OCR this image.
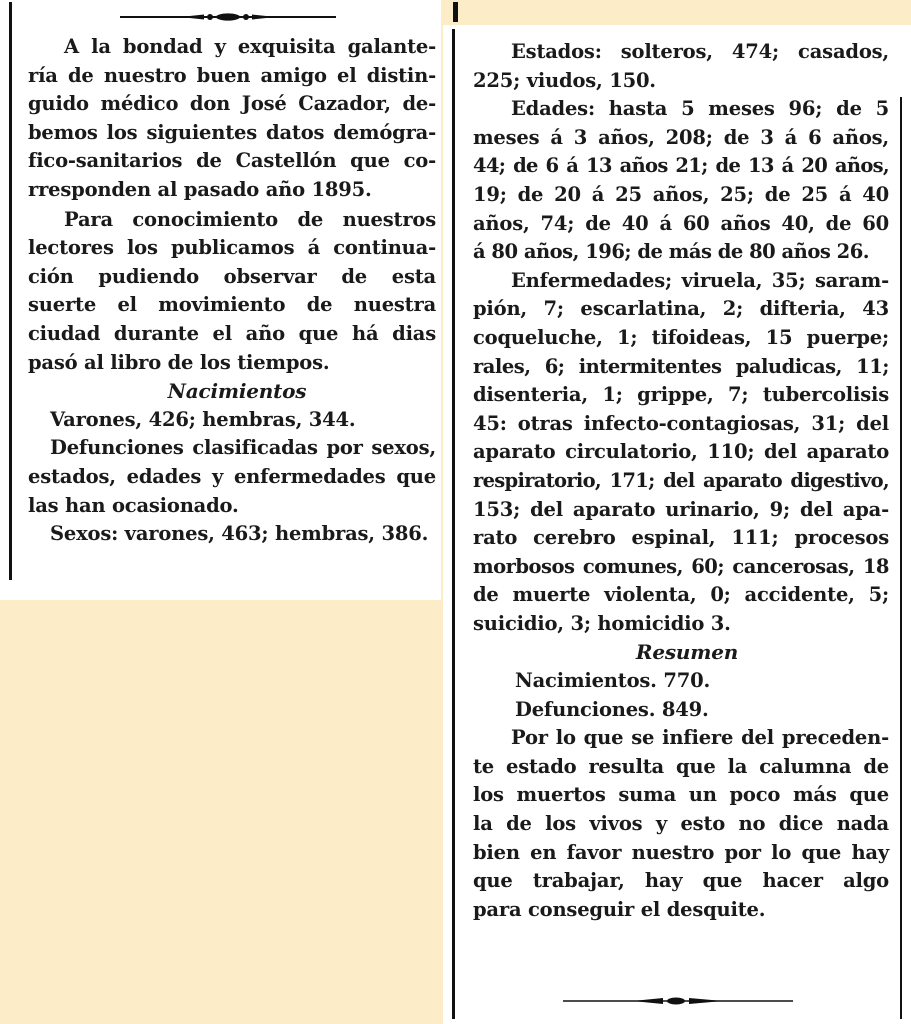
A la bondad y exquisita galante-
ría de nuestro buen amigo el distin-
guido médico don José Cazador, de-
bemos los siguientes datos demógra-
fico-sanitarios de Castellón que co-
rresponden al pasado año 1895.

Para conocimiento de nuestros
lectores los publicamos á continua-
ción pudiendo observar de esta
suerte el movimiento de nuestra
ciudad durante el año que há dias
pasó al libro de los tiempos.

Nacimientos

Varones, 426; hembras, 344.

Defunciones clasificadas por sexos,
estados, edades y enfermedades que
las han ocasionado.

Sexos: varones, 463; hembras, 386.

Estados: solteros, 474; casados,
225; viudos, 150.

Edades: hasta 5 meses 96; de 5
meses á 3 años, 208; de 3 á 6 años,
44; de 6 á 13 años 21; de 13 á 20 años,
19; de 20 á 25 años, 25; de 25 á 40
años, 74; de 40 á 60 años 40, de 60
á 80 años, 196; de más de 80 años 26.

Enfermedades; viruela, 35; saram-
pión, 7; escarlatina, 2; difteria, 43
coqueluche, 1; tifoideas, 15 puerpe;
rales, 6; intermitentes paludicas, 11;
disenteria, 1; grippe, 7; tubercolisis
45: otras infecto-contagiosas, 31; del
aparato circulatorio, 110; del aparato
respiratorio, 171; del aparato digestivo,
153; del aparato urinario, 9; del apa-
rato cerebro espinal, 111; procesos
morbosos comunes, 60; cancerosas, 18
de muerte violenta, 0; accidente, 5;
suicidio, 3; homicidio 3.

Resumen

Nacimientos. 770.

Defunciones. 849.

Por lo que se infiere del preceden-
te estado resulta que la calumna de
los muertos suma un poco más que
la de los vivos y esto no dice nada
bien en favor nuestro por lo que hay
que trabajar, hay que hacer algo
para conseguir el desquite.
